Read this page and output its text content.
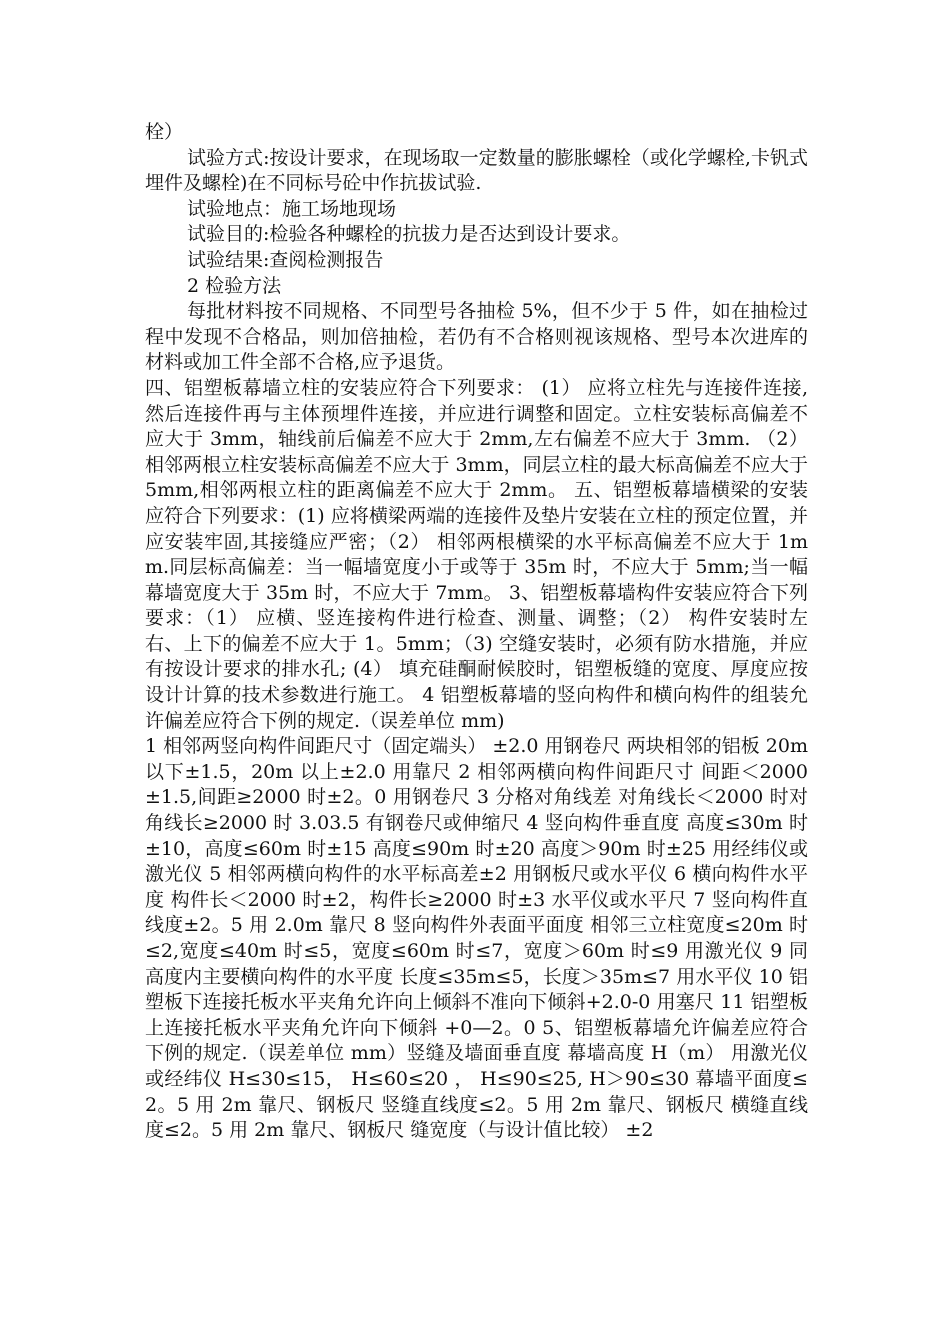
栓）

试验方式:按设计要求，在现场取一定数量的膨胀螺栓（或化学螺栓,卡钒式埋件及螺栓)在不同标号砼中作抗拔试验.

试验地点：施工场地现场

试验目的:检验各种螺栓的抗拔力是否达到设计要求。

试验结果:查阅检测报告

2 检验方法

每批材料按不同规格、不同型号各抽检 5%，但不少于 5 件，如在抽检过程中发现不合格品，则加倍抽检，若仍有不合格则视该规格、型号本次进库的材料或加工件全部不合格,应予退货。

四、铝塑板幕墙立柱的安装应符合下列要求： (1） 应将立柱先与连接件连接,然后连接件再与主体预埋件连接，并应进行调整和固定。立柱安装标高偏差不应大于 3mm，轴线前后偏差不应大于 2mm,左右偏差不应大于 3mm. （2） 相邻两根立柱安装标高偏差不应大于 3mm，同层立柱的最大标高偏差不应大于 5mm,相邻两根立柱的距离偏差不应大于 2mm。 五、铝塑板幕墙横梁的安装应符合下列要求：(1) 应将横梁两端的连接件及垫片安装在立柱的预定位置，并应安装牢固,其接缝应严密；（2） 相邻两根横梁的水平标高偏差不应大于 1mm.同层标高偏差：当一幅墙宽度小于或等于 35m 时，不应大于 5mm;当一幅幕墙宽度大于 35m 时，不应大于 7mm。 3、铝塑板幕墙构件安装应符合下列要求：（1） 应横、竖连接构件进行检查、测量、调整；（2） 构件安装时左右、上下的偏差不应大于 1。5mm；（3) 空缝安装时，必须有防水措施，并应有按设计要求的排水孔; (4） 填充硅酮耐候胶时，铝塑板缝的宽度、厚度应按设计计算的技术参数进行施工。 4 铝塑板幕墙的竖向构件和横向构件的组装允许偏差应符合下例的规定.（误差单位 mm)

1 相邻两竖向构件间距尺寸（固定端头） ±2.0 用钢卷尺 两块相邻的铝板 20m 以下±1.5，20m 以上±2.0 用靠尺 2 相邻两横向构件间距尺寸 间距＜2000±1.5,间距≥2000 时±2。0 用钢卷尺 3 分格对角线差 对角线长＜2000 时对角线长≥2000 时 3.03.5 有钢卷尺或伸缩尺 4 竖向构件垂直度 高度≤30m 时±10，高度≤60m 时±15 高度≤90m 时±20 高度＞90m 时±25 用经纬仪或激光仪 5 相邻两横向构件的水平标高差±2 用钢板尺或水平仪 6 横向构件水平度 构件长＜2000 时±2，构件长≥2000 时±3 水平仪或水平尺 7 竖向构件直线度±2。5 用 2.0m 靠尺 8 竖向构件外表面平面度 相邻三立柱宽度≤20m 时≤2,宽度≤40m 时≤5，宽度≤60m 时≤7，宽度＞60m 时≤9 用激光仪 9 同高度内主要横向构件的水平度 长度≤35m≤5，长度＞35m≤7 用水平仪 10 铝塑板下连接托板水平夹角允许向上倾斜不准向下倾斜+2.0-0 用塞尺 11 铝塑板上连接托板水平夹角允许向下倾斜 +0—2。0 5、铝塑板幕墙允许偏差应符合下例的规定.（误差单位 mm）竖缝及墙面垂直度 幕墙高度 H（m） 用激光仪或经纬仪 H≤30≤15， H≤60≤20 ， H≤90≤25, H＞90≤30 幕墙平面度≤2。5 用 2m 靠尺、钢板尺 竖缝直线度≤2。5 用 2m 靠尺、钢板尺 横缝直线度≤2。5 用 2m 靠尺、钢板尺 缝宽度（与设计值比较） ±2
